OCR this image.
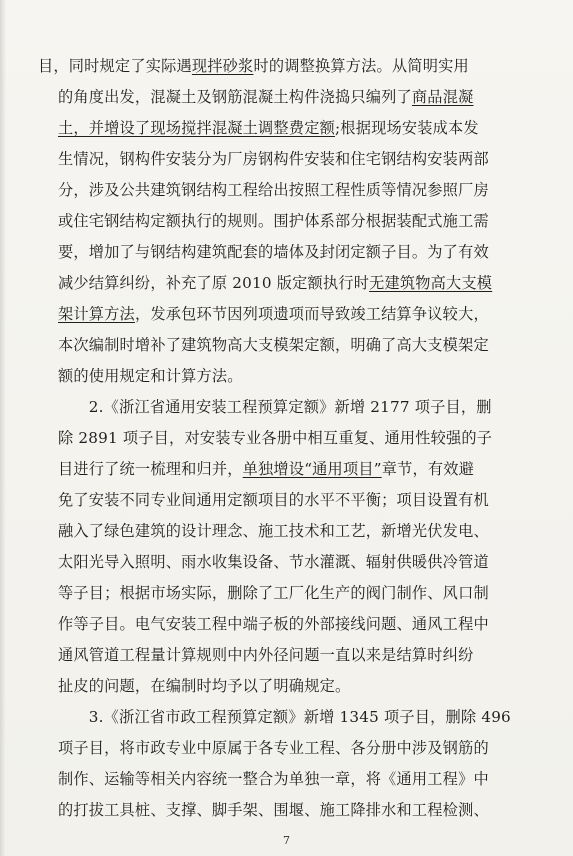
目，同时规定了实际遇现拌砂浆时的调整换算方法。从简明实用
的角度出发，混凝土及钢筋混凝土构件浇捣只编列了商品混凝
土，并增设了现场搅拌混凝土调整费定额;根据现场安装成本发
生情况，钢构件安装分为厂房钢构件安装和住宅钢结构安装两部
分，涉及公共建筑钢结构工程给出按照工程性质等情况参照厂房
或住宅钢结构定额执行的规则。围护体系部分根据装配式施工需
要，增加了与钢结构建筑配套的墙体及封闭定额子目。为了有效
减少结算纠纷，补充了原 2010 版定额执行时无建筑物高大支模
架计算方法，发承包环节因列项遗项而导致竣工结算争议较大，
本次编制时增补了建筑物高大支模架定额，明确了高大支模架定
额的使用规定和计算方法。
　　2.《浙江省通用安装工程预算定额》新增 2177 项子目，删
除 2891 项子目，对安装专业各册中相互重复、通用性较强的子
目进行了统一梳理和归并，单独增设“通用项目”章节，有效避
免了安装不同专业间通用定额项目的水平不平衡；项目设置有机
融入了绿色建筑的设计理念、施工技术和工艺，新增光伏发电、
太阳光导入照明、雨水收集设备、节水灌溉、辐射供暖供冷管道
等子目；根据市场实际，删除了工厂化生产的阀门制作、风口制
作等子目。电气安装工程中端子板的外部接线问题、通风工程中
通风管道工程量计算规则中内外径问题一直以来是结算时纠纷
扯皮的问题，在编制时均予以了明确规定。
　　3.《浙江省市政工程预算定额》新增 1345 项子目，删除 496
项子目，将市政专业中原属于各专业工程、各分册中涉及钢筋的
制作、运输等相关内容统一整合为单独一章，将《通用工程》中
的打拔工具桩、支撑、脚手架、围堰、施工降排水和工程检测、
7
